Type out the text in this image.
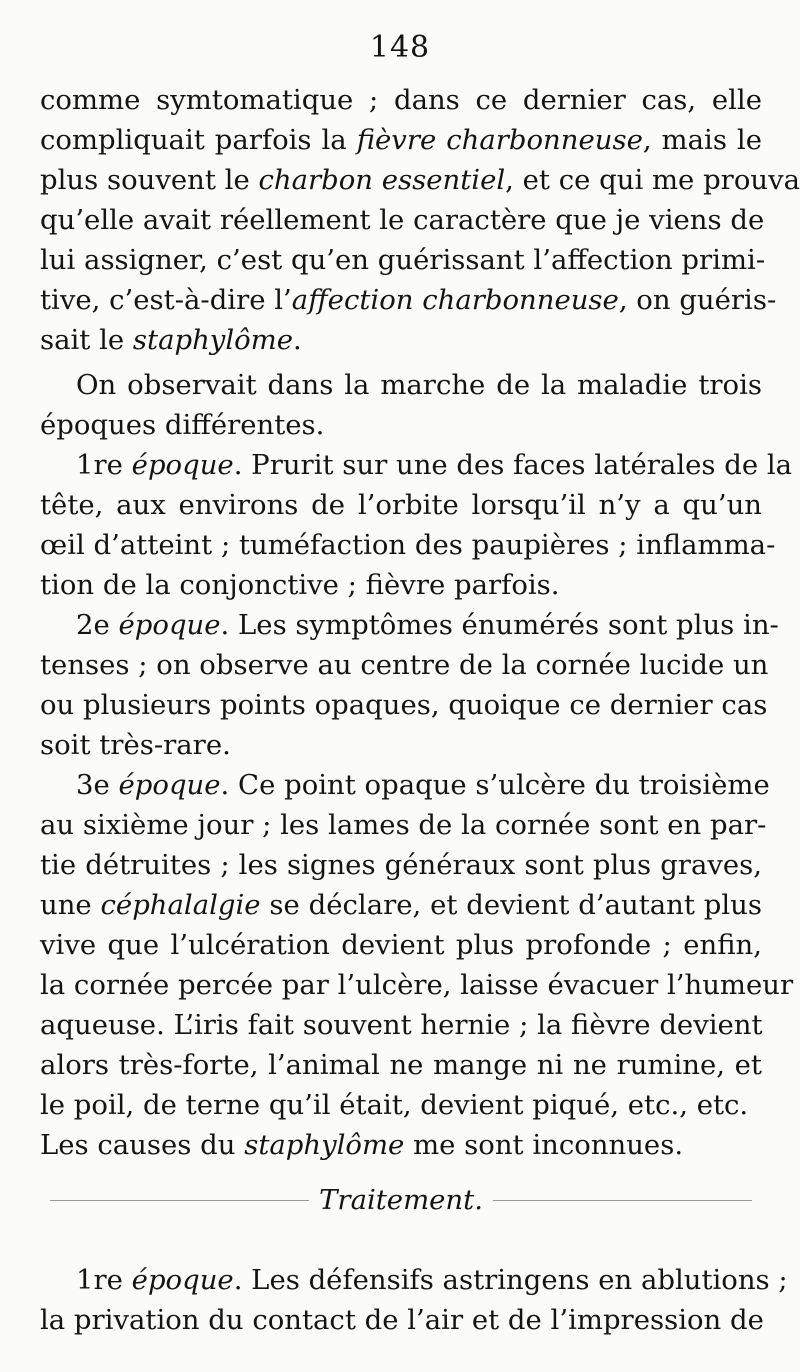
148
comme symtomatique ; dans ce dernier cas, elle
compliquait parfois la fièvre charbonneuse, mais le
plus souvent le charbon essentiel, et ce qui me prouva
qu’elle avait réellement le caractère que je viens de
lui assigner, c’est qu’en guérissant l’affection primi-
tive, c’est-à-dire l’affection charbonneuse, on guéris-
sait le staphylôme.
On observait dans la marche de la maladie trois
époques différentes.
1re époque. Prurit sur une des faces latérales de la
tête, aux environs de l’orbite lorsqu’il n’y a qu’un
œil d’atteint ; tuméfaction des paupières ; inflamma-
tion de la conjonctive ; fièvre parfois.
2e époque. Les symptômes énumérés sont plus in-
tenses ; on observe au centre de la cornée lucide un
ou plusieurs points opaques, quoique ce dernier cas
soit très-rare.
3e époque. Ce point opaque s’ulcère du troisième
au sixième jour ; les lames de la cornée sont en par-
tie détruites ; les signes généraux sont plus graves,
une céphalalgie se déclare, et devient d’autant plus
vive que l’ulcération devient plus profonde ; enfin,
la cornée percée par l’ulcère, laisse évacuer l’humeur
aqueuse. L’iris fait souvent hernie ; la fièvre devient
alors très-forte, l’animal ne mange ni ne rumine, et
le poil, de terne qu’il était, devient piqué, etc., etc.
Les causes du staphylôme me sont inconnues.
Traitement.
1re époque. Les défensifs astringens en ablutions ;
la privation du contact de l’air et de l’impression de
